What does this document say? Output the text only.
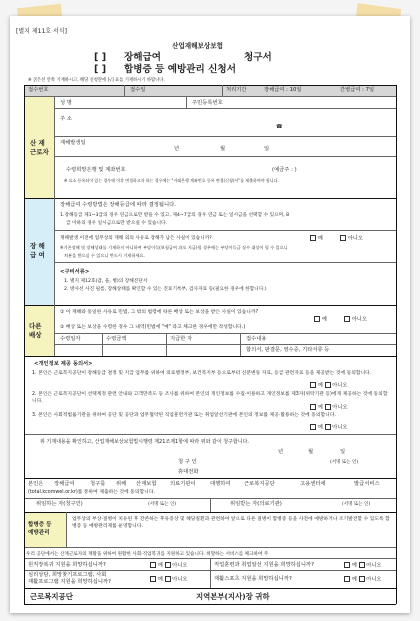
[별지 제11호 서식]
산업재해보상보험
[ ] 장해급여	청구서
[ ] 합병증 등 예방관리 신청서
※ 굵은선 안쪽 기재하시고, 해당 신청란에 [√] 표를 기재하시기 바랍니다.
접수번호	접수일	처리기간	장해급여 : 10일	간병급여 : 7일
산 재
근로자
성 명	주민등록번호
주 소
☎
재해발생일
년	월	일
수령희망은행 및 계좌번호	(예금주 : )
※ 요소 등록되어 있는 경우에 이후 변경하고자 하는 경우에는 "거래은행 계좌번호 등록 변경(신청)서"를 제출하여야 합니다.
장 해
급 여
장해급여 수령방법은 장해등급에 따라 결정됩니다.
1.장해등급 제1~3급의 경우 연금으로만 받을 수 있고, 제4~7급의 경우 연금 또는 일시금을 선택할 수 있으며, 8
급 이하의 경우 일시금으로만 받으실 수 있습니다.
재해발생 이전에 업무상의 재해 외의 사유로 장해가 남은 사실이 있습니까?	예	아니오
※기존장해 및 장해상태를 기재하지 아니하여 부당이득(보험급여 과오 지급)될 경우에는 부당이득금 징수 대상이 될 수 있으니
처분을 받으실 수 있으니 반드시 기재하세요.
<구비서류>
1. 별지 제12호(갑, 을, 병)의 장해진단서
2. 방사선 사진 필름, 장해상태를 확인할 수 있는 진료기록부, 검사자료 등(필요한 경우에 한합니다.)
다른
배상
① 이 재해와 동일한 사유로 민법, 그 밖의 법령에 따른 배상 또는 보상을 받은 사실이 있습니까?
예	아니오
② 배상 또는 보상을 수령한 경우 그 내역(민법에 "예" 라고 체크한 경우에만 작성합니다.)
수령일자	수령금액	지급한 자	접수내용
합의서, 판결문, 영수증, 기타서류 등
<개인정보 제공 동의서>
1. 본인은 근로복지공단이 장해등급 결정 및 지급 업무를 위하여 의료행정부, 보건복지부 등으로부터 신분변동 자료, 등급 관련자료 등을 제공받는 것에 동의합니다.
2. 본인은 근로복지공단이 선택계정 관련 안내와 고객만족도 등 조사를 위하여 본인의 개인정보를 수집·이용하고 개인정보를 제3자(위탁기관 등)에게 제공하는 것에 동의합니다.
3. 본인은 사회적법률기관을 위하여 공단 및 공단과 업무협약된 직업훈련기관 또는 취업알선기관에 본인의 정보를 제공·활용하는 것에 동의합니다.
예 아니오
예 아니오
예 아니오
위 기재내용을 확인하고, 산업재해보상보험법시행령 제21조제1항에 따라 위와 같이 청구합니다.
년	월	일
청 구 인	(서명 또는 인)
휴대전화
본인은 장해급여	청구를 위해 산재보험	의료기관이	대행하여	근로복지공단	고용센터에	발급서비스
(total.kcomwel.or.kr)를 통하여 제출하는 것에 동의합니다.
위임하는 자(청구인)	(서명 또는 인)	위임받는 자(의료기관)	(서명 또는 인)
합병증 등
예방관리
업무상의 부상·질병이 치유된 후 잔존하는 후유증상 및 해당질환과 관련하여 앞으로 다른 질병이 합병증 등을 사전에 예방하거나 조기발견할 수 있도록 합병증 등 예방관리제를 운영합니다.
우리 공단에서는 산재근로자의 재활을 위하여 원활한 사회·직업복귀를 지원하고 있습니다. 희망하는 서비스를 체크하여 주
원직장복귀 지원을 희망하십니까?	예 아니오	직업훈련과 취업알선 지원을 희망하십니까?	예 아니오
심리상담, 희망찾기프로그램, 사회
재활프로그램 지원을 희망하십니까?	예 아니오	재활스포츠 지원을 희망하십니까?	예 아니오
근로복지공단	지역본부(지사)장 귀하
